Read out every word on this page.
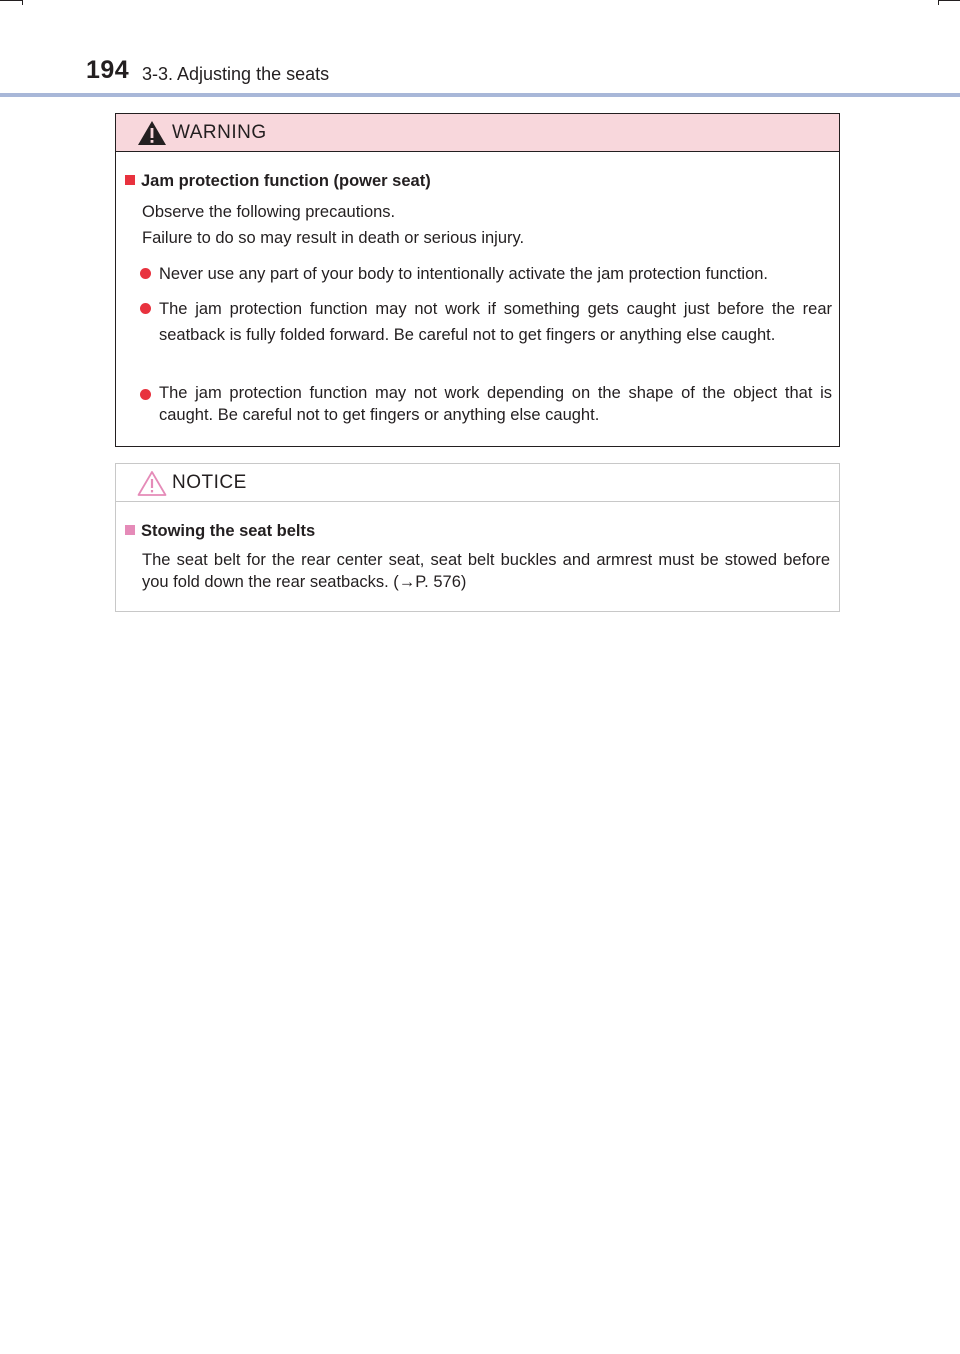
194 3-3. Adjusting the seats
WARNING
Jam protection function (power seat)
Observe the following precautions.
Failure to do so may result in death or serious injury.
Never use any part of your body to intentionally activate the jam protection function.
The jam protection function may not work if something gets caught just before the rear seatback is fully folded forward. Be careful not to get fingers or anything else caught.
The jam protection function may not work depending on the shape of the object that is caught. Be careful not to get fingers or anything else caught.
NOTICE
Stowing the seat belts
The seat belt for the rear center seat, seat belt buckles and armrest must be stowed before you fold down the rear seatbacks. (→P. 576)
